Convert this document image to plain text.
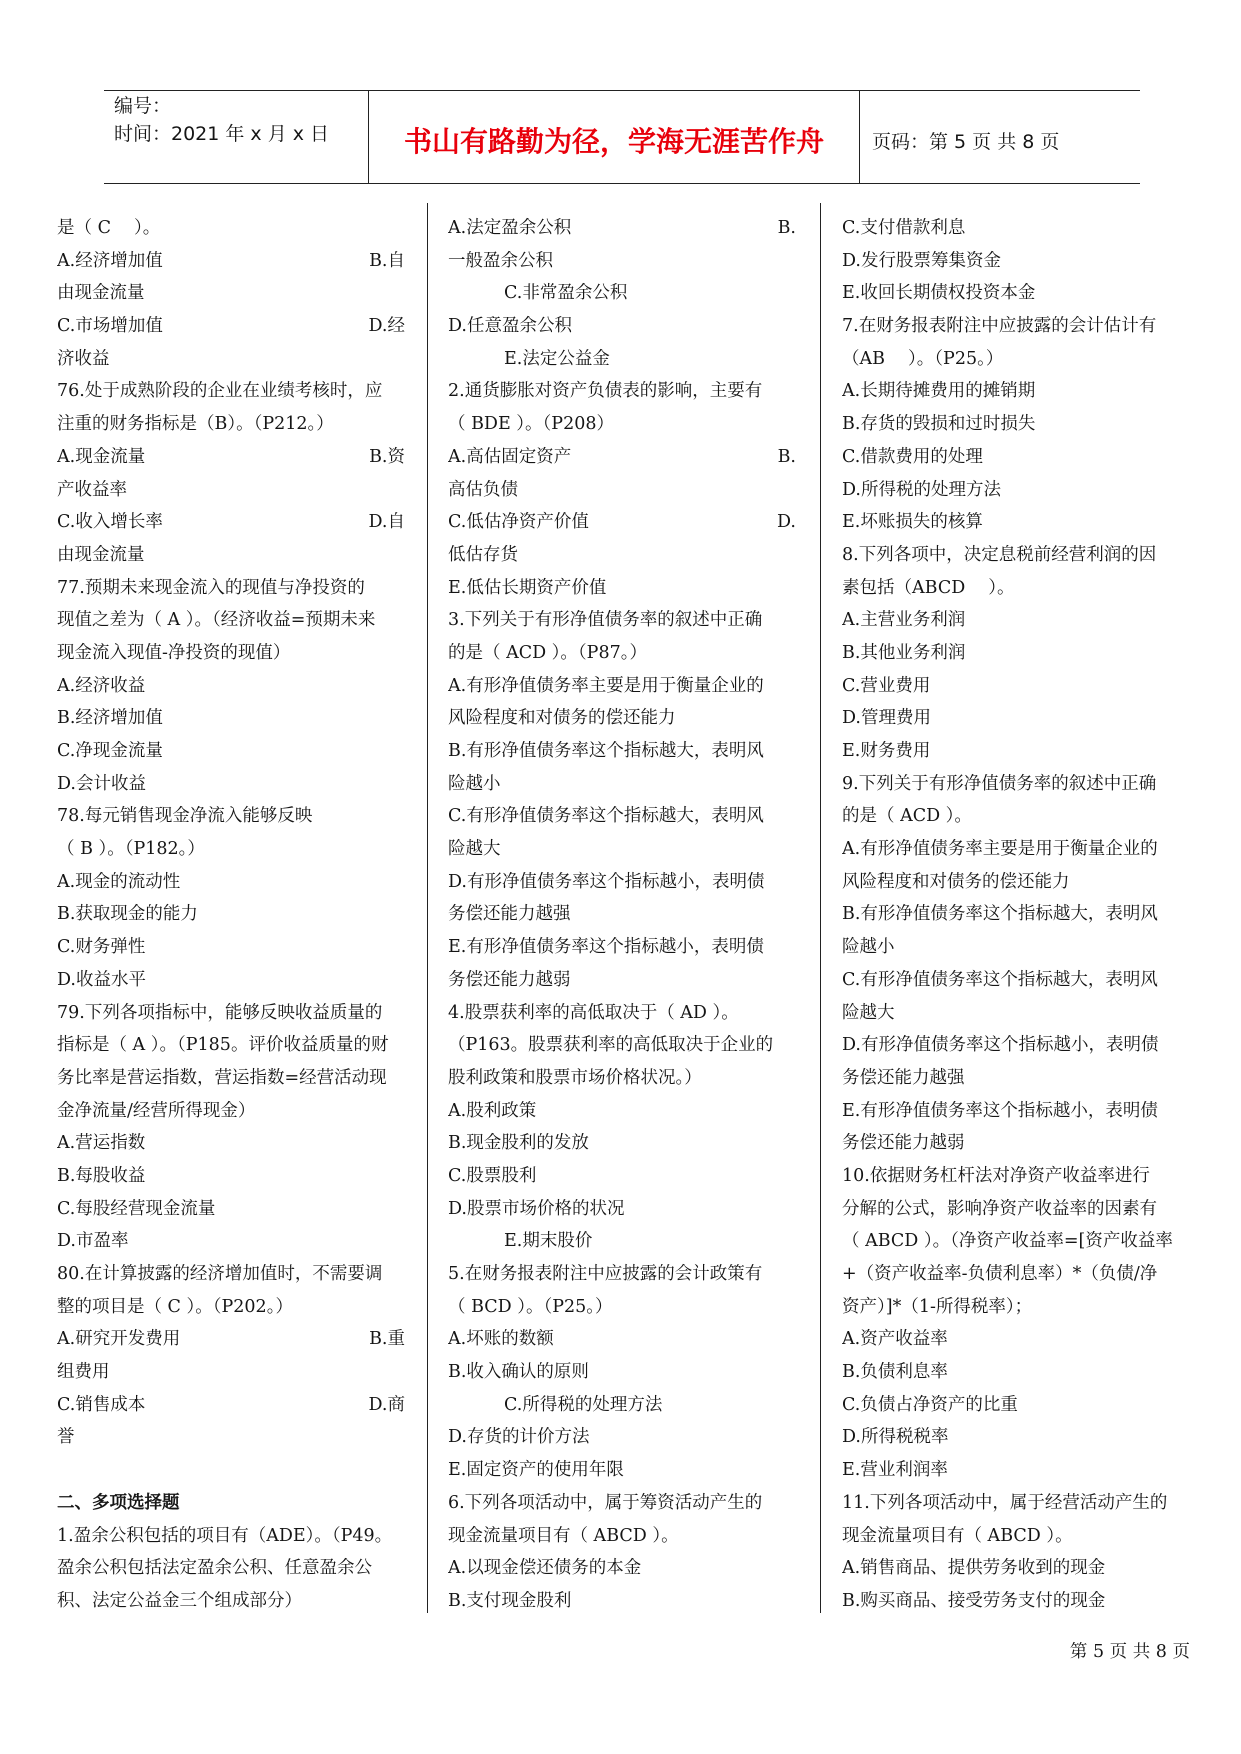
编号：
时间：2021 年 x 月 x 日	书山有路勤为径，学海无涯苦作舟	页码：第 5 页 共 8 页
是（ C　 ）。
A.经济增加值	B.自
由现金流量
C.市场增加值	D.经
济收益
76.处于成熟阶段的企业在业绩考核时，应
注重的财务指标是（B）。（P212。）
A.现金流量	B.资
产收益率
C.收入增长率	D.自
由现金流量
77.预期未来现金流入的现值与净投资的
现值之差为（ A ）。（经济收益=预期未来
现金流入现值-净投资的现值）
A.经济收益
B.经济增加值
C.净现金流量
D.会计收益
78.每元销售现金净流入能够反映
（ B ）。（P182。）
A.现金的流动性
B.获取现金的能力
C.财务弹性
D.收益水平
79.下列各项指标中，能够反映收益质量的
指标是（ A ）。（P185。评价收益质量的财
务比率是营运指数，营运指数=经营活动现
金净流量/经营所得现金）
A.营运指数
B.每股收益
C.每股经营现金流量
D.市盈率
80.在计算披露的经济增加值时，不需要调
整的项目是（ C ）。（P202。）
A.研究开发费用	B.重
组费用
C.销售成本	D.商
誉
二、多项选择题
1.盈余公积包括的项目有（ADE）。（P49。
盈余公积包括法定盈余公积、任意盈余公
积、法定公益金三个组成部分）
A.法定盈余公积	B.
一般盈余公积
C.非常盈余公积
D.任意盈余公积
E.法定公益金
2.通货膨胀对资产负债表的影响，主要有
（ BDE ）。（P208）
A.高估固定资产	B.
高估负债
C.低估净资产价值	D.
低估存货
E.低估长期资产价值
3.下列关于有形净值债务率的叙述中正确
的是（ ACD ）。（P87。）
A.有形净值债务率主要是用于衡量企业的
风险程度和对债务的偿还能力
B.有形净值债务率这个指标越大，表明风
险越小
C.有形净值债务率这个指标越大，表明风
险越大
D.有形净值债务率这个指标越小，表明债
务偿还能力越强
E.有形净值债务率这个指标越小，表明债
务偿还能力越弱
4.股票获利率的高低取决于（ AD ）。
（P163。股票获利率的高低取决于企业的
股利政策和股票市场价格状况。）
A.股利政策
B.现金股利的发放
C.股票股利
D.股票市场价格的状况
E.期末股价
5.在财务报表附注中应披露的会计政策有
（ BCD ）。（P25。）
A.坏账的数额
B.收入确认的原则
C.所得税的处理方法
D.存货的计价方法
E.固定资产的使用年限
6.下列各项活动中，属于筹资活动产生的
现金流量项目有（ ABCD ）。
A.以现金偿还债务的本金
B.支付现金股利
C.支付借款利息
D.发行股票筹集资金
E.收回长期债权投资本金
7.在财务报表附注中应披露的会计估计有
（AB　 ）。（P25。）
A.长期待摊费用的摊销期
B.存货的毁损和过时损失
C.借款费用的处理
D.所得税的处理方法
E.坏账损失的核算
8.下列各项中，决定息税前经营利润的因
素包括（ABCD　 ）。
A.主营业务利润
B.其他业务利润
C.营业费用
D.管理费用
E.财务费用
9.下列关于有形净值债务率的叙述中正确
的是（ ACD ）。
A.有形净值债务率主要是用于衡量企业的
风险程度和对债务的偿还能力
B.有形净值债务率这个指标越大，表明风
险越小
C.有形净值债务率这个指标越大，表明风
险越大
D.有形净值债务率这个指标越小，表明债
务偿还能力越强
E.有形净值债务率这个指标越小，表明债
务偿还能力越弱
10.依据财务杠杆法对净资产收益率进行
分解的公式，影响净资产收益率的因素有
（ ABCD ）。（净资产收益率=[资产收益率
+（资产收益率-负债利息率）*（负债/净
资产）]*（1-所得税率）；
A.资产收益率
B.负债利息率
C.负债占净资产的比重
D.所得税税率
E.营业利润率
11.下列各项活动中，属于经营活动产生的
现金流量项目有（ ABCD ）。
A.销售商品、提供劳务收到的现金
B.购买商品、接受劳务支付的现金
第 5 页 共 8 页
